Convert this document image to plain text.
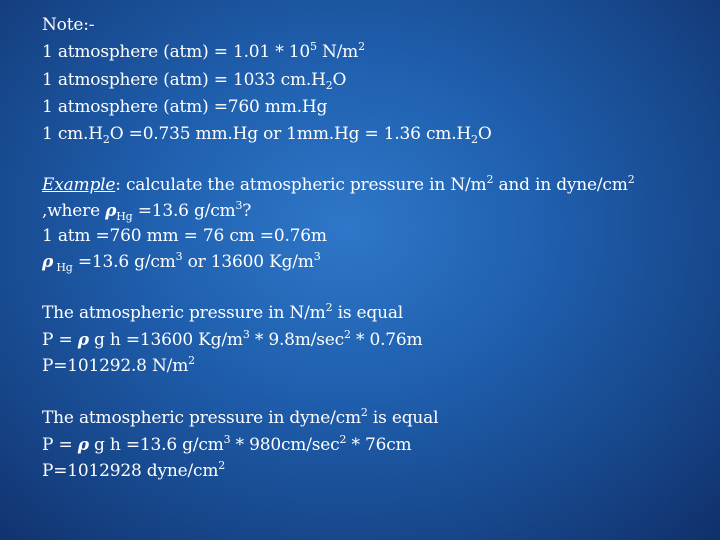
Note:-

1 atmosphere $(atm) = 1.01 * 10^5$ $N/m^2$

1 atmosphere (atm) = 1033 $cm.H_2O$

1 atmosphere (atm) =760 mm.Hg

1 $cm.H_2O =0.735$ mm.Hg or 1mm.Hg = 1.36 $cm.H_2O$

Example: calculate the atmospheric pressure in $N/m^2$ and in dyne/$cm^2$

,where $\rho_{Hg} =13.6$ $g/cm^3$?

1 atm =760 mm = 76 cm =0.76m

ρ $_{Hg}$ =13.6 $g/cm^3$ or 13600 $Kg/m^3$

The atmospheric pressure in $N/m^2$ is equal

P = ρ g h =13600 $Kg/m^3 * 9.8m/\sec^2 * 0.76m$

P=101292.8 $N/m^2$

The atmospheric pressure in dyne/$cm^2$ is equal

P = ρ g h =13.6 $g/cm^3 * 980cm/\sec^2 * 76cm$

P=1012928 dyne/$cm^2$
